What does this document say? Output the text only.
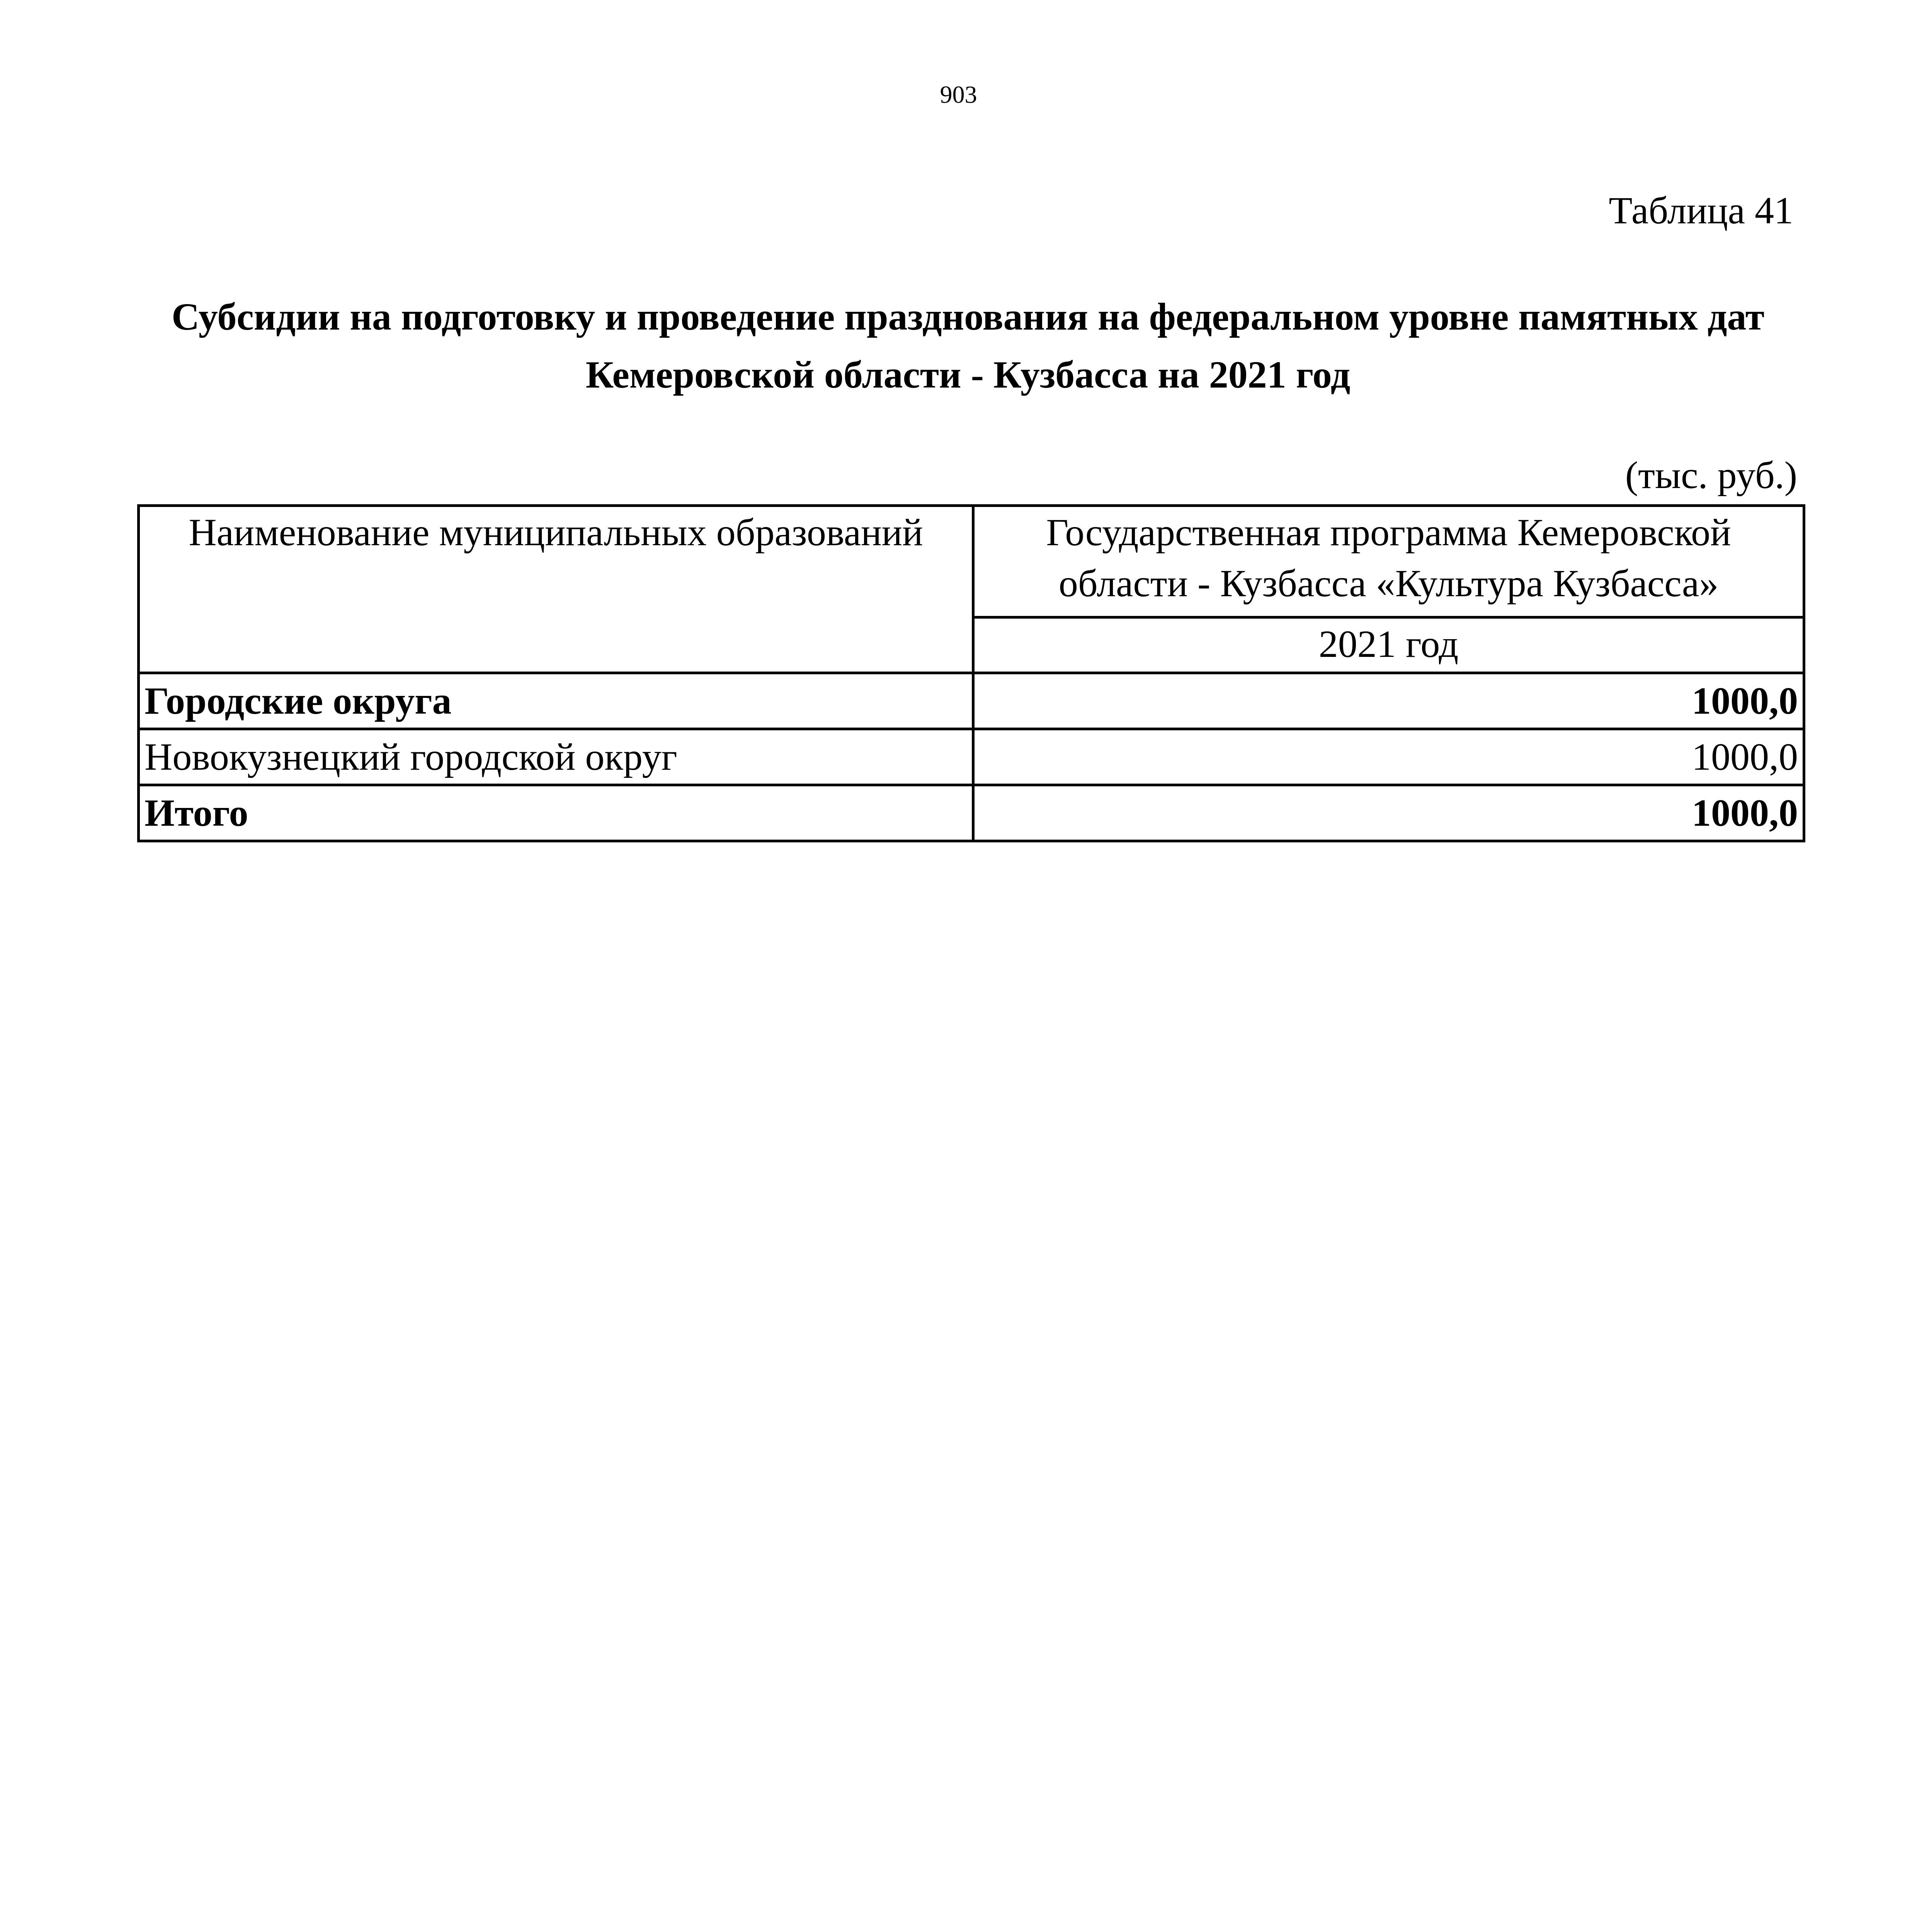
903
Таблица 41
Субсидии на подготовку и проведение празднования на федеральном уровне памятных дат Кемеровской области - Кузбасса на 2021 год
(тыс. руб.)
Наименование муниципальных образований	Государственная программа Кемеровской области - Кузбасса «Культура Кузбасса»
	2021 год
Городские округа	1000,0
Новокузнецкий городской округ	1000,0
Итого	1000,0
